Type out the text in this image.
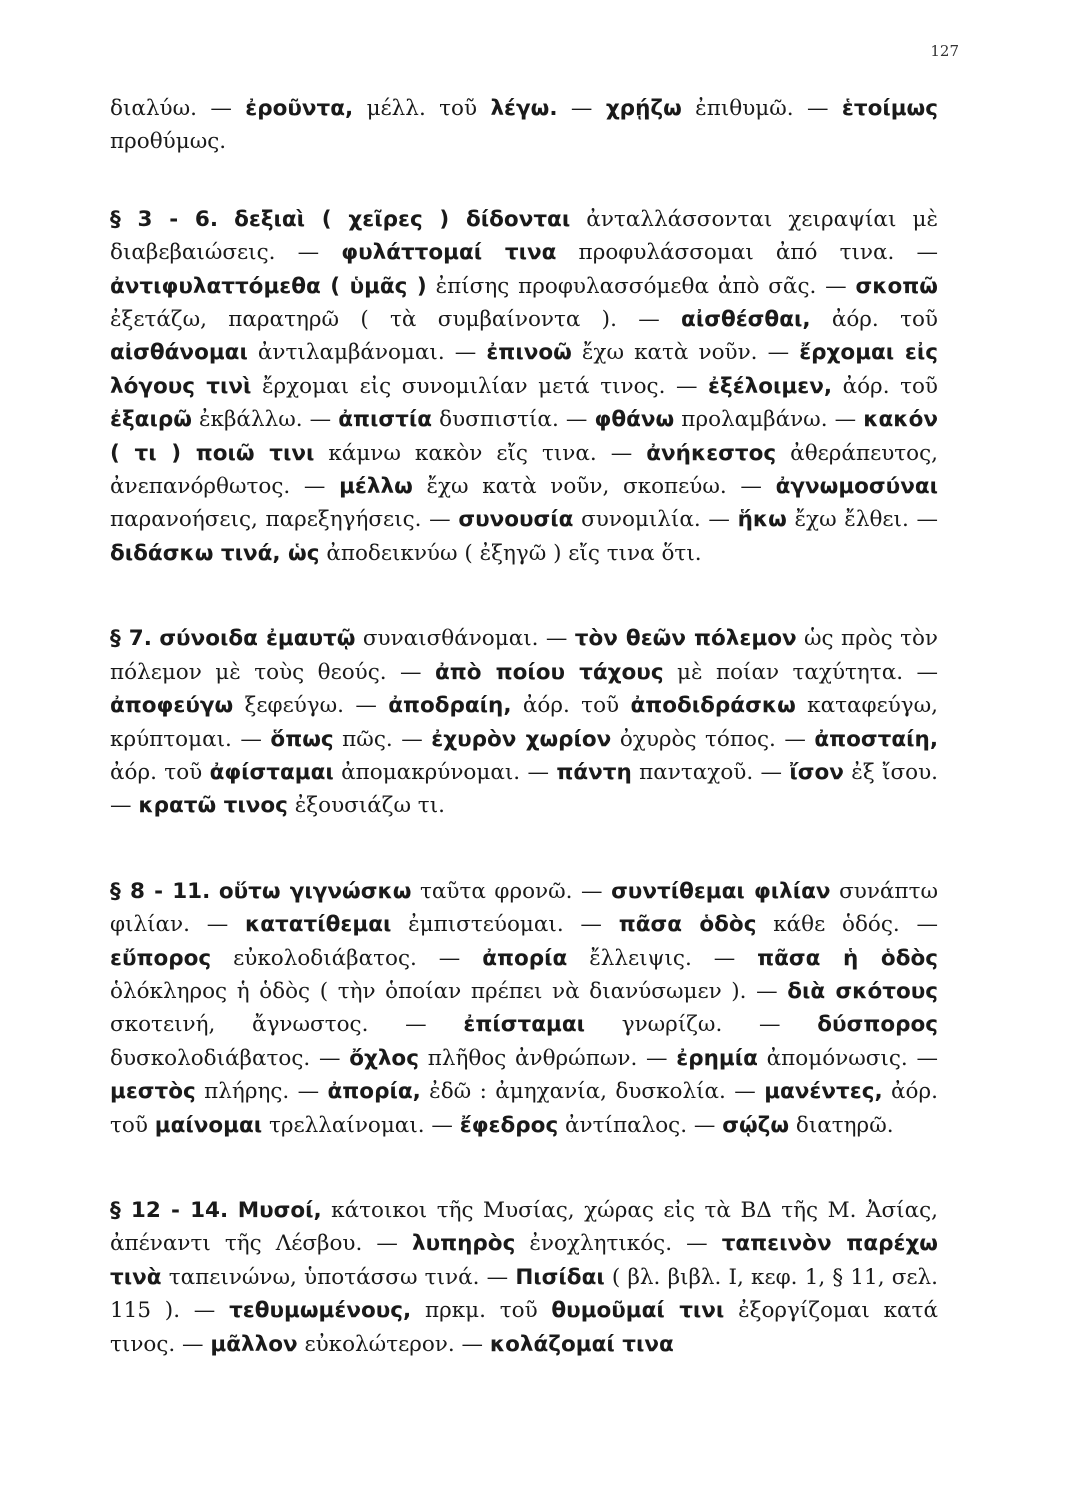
127

διαλύω. — ἐροῦντα, μέλλ. τοῦ λέγω. — χρῄζω ἐπιθυμῶ. — ἑτοίμως προθύμως.

§ 3 - 6. δεξιαὶ ( χεῖρες ) δίδονται ἀνταλλάσσονται χειραψίαι μὲ διαβεβαιώσεις. — φυλάττομαί τινα προφυλάσσομαι ἀπό τινα. — ἀντιφυλαττόμεθα ( ὑμᾶς ) ἐπίσης προφυλασσόμεθα ἀπὸ σᾶς. — σκοπῶ ἐξετάζω, παρατηρῶ ( τὰ συμβαίνοντα ). — αἰσθέσθαι, ἀόρ. τοῦ αἰσθάνομαι ἀντιλαμβάνομαι. — ἐπινοῶ ἔχω κατὰ νοῦν. — ἔρχομαι εἰς λόγους τινὶ ἔρχομαι εἰς συνομιλίαν μετά τινος. — ἐξέλοιμεν, ἀόρ. τοῦ ἐξαιρῶ ἐκβάλλω. — ἀπιστία δυσπιστία. — φθάνω προλαμβάνω. — κακόν ( τι ) ποιῶ τινι κάμνω κακὸν εἴς τινα. — ἀνήκεστος ἀθεράπευτος, ἀνεπανόρθωτος. — μέλλω ἔχω κατὰ νοῦν, σκοπεύω. — ἀγνωμοσύναι παρανοήσεις, παρεξηγήσεις. — συνουσία συνομιλία. — ἥκω ἔχω ἔλθει. — διδάσκω τινά, ὡς ἀποδεικνύω ( ἐξηγῶ ) εἴς τινα ὅτι.

§ 7. σύνοιδα ἐμαυτῷ συναισθάνομαι. — τὸν θεῶν πόλεμον ὡς πρὸς τὸν πόλεμον μὲ τοὺς θεούς. — ἀπὸ ποίου τάχους μὲ ποίαν ταχύτητα. — ἀποφεύγω ξεφεύγω. — ἀποδραίη, ἀόρ. τοῦ ἀποδιδράσκω καταφεύγω, κρύπτομαι. — ὅπως πῶς. — ἐχυρὸν χωρίον ὀχυρὸς τόπος. — ἀποσταίη, ἀόρ. τοῦ ἀφίσταμαι ἀπομακρύνομαι. — πάντη πανταχοῦ. — ἴσον ἐξ ἴσου. — κρατῶ τινος ἐξουσιάζω τι.

§ 8 - 11. οὕτω γιγνώσκω ταῦτα φρονῶ. — συντίθεμαι φιλίαν συνάπτω φιλίαν. — κατατίθεμαι ἐμπιστεύομαι. — πᾶσα ὁδὸς κάθε ὁδός. — εὔπορος εὐκολοδιάβατος. — ἀπορία ἔλλειψις. — πᾶσα ἡ ὁδὸς ὁλόκληρος ἡ ὁδὸς ( τὴν ὁποίαν πρέπει νὰ διανύσωμεν ). — διὰ σκότους σκοτεινή, ἄγνωστος. — ἐπίσταμαι γνωρίζω. — δύσπορος δυσκολοδιάβατος. — ὄχλος πλῆθος ἀνθρώπων. — ἐρημία ἀπομόνωσις. — μεστὸς πλήρης. — ἀπορία, ἐδῶ : ἀμηχανία, δυσκολία. — μανέντες, ἀόρ. τοῦ μαίνομαι τρελλαίνομαι. — ἔφεδρος ἀντίπαλος. — σῴζω διατηρῶ.

§ 12 - 14. Μυσοί, κάτοικοι τῆς Μυσίας, χώρας εἰς τὰ ΒΔ τῆς Μ. Ἀσίας, ἀπέναντι τῆς Λέσβου. — λυπηρὸς ἐνοχλητικός. — ταπεινὸν παρέχω τινὰ ταπεινώνω, ὑποτάσσω τινά. — Πισίδαι ( βλ. βιβλ. Ι, κεφ. 1, § 11, σελ. 115 ). — τεθυμωμένους, πρκμ. τοῦ θυμοῦμαί τινι ἐξοργίζομαι κατά τινος. — μᾶλλον εὐκολώτερον. — κολάζομαί τινα
